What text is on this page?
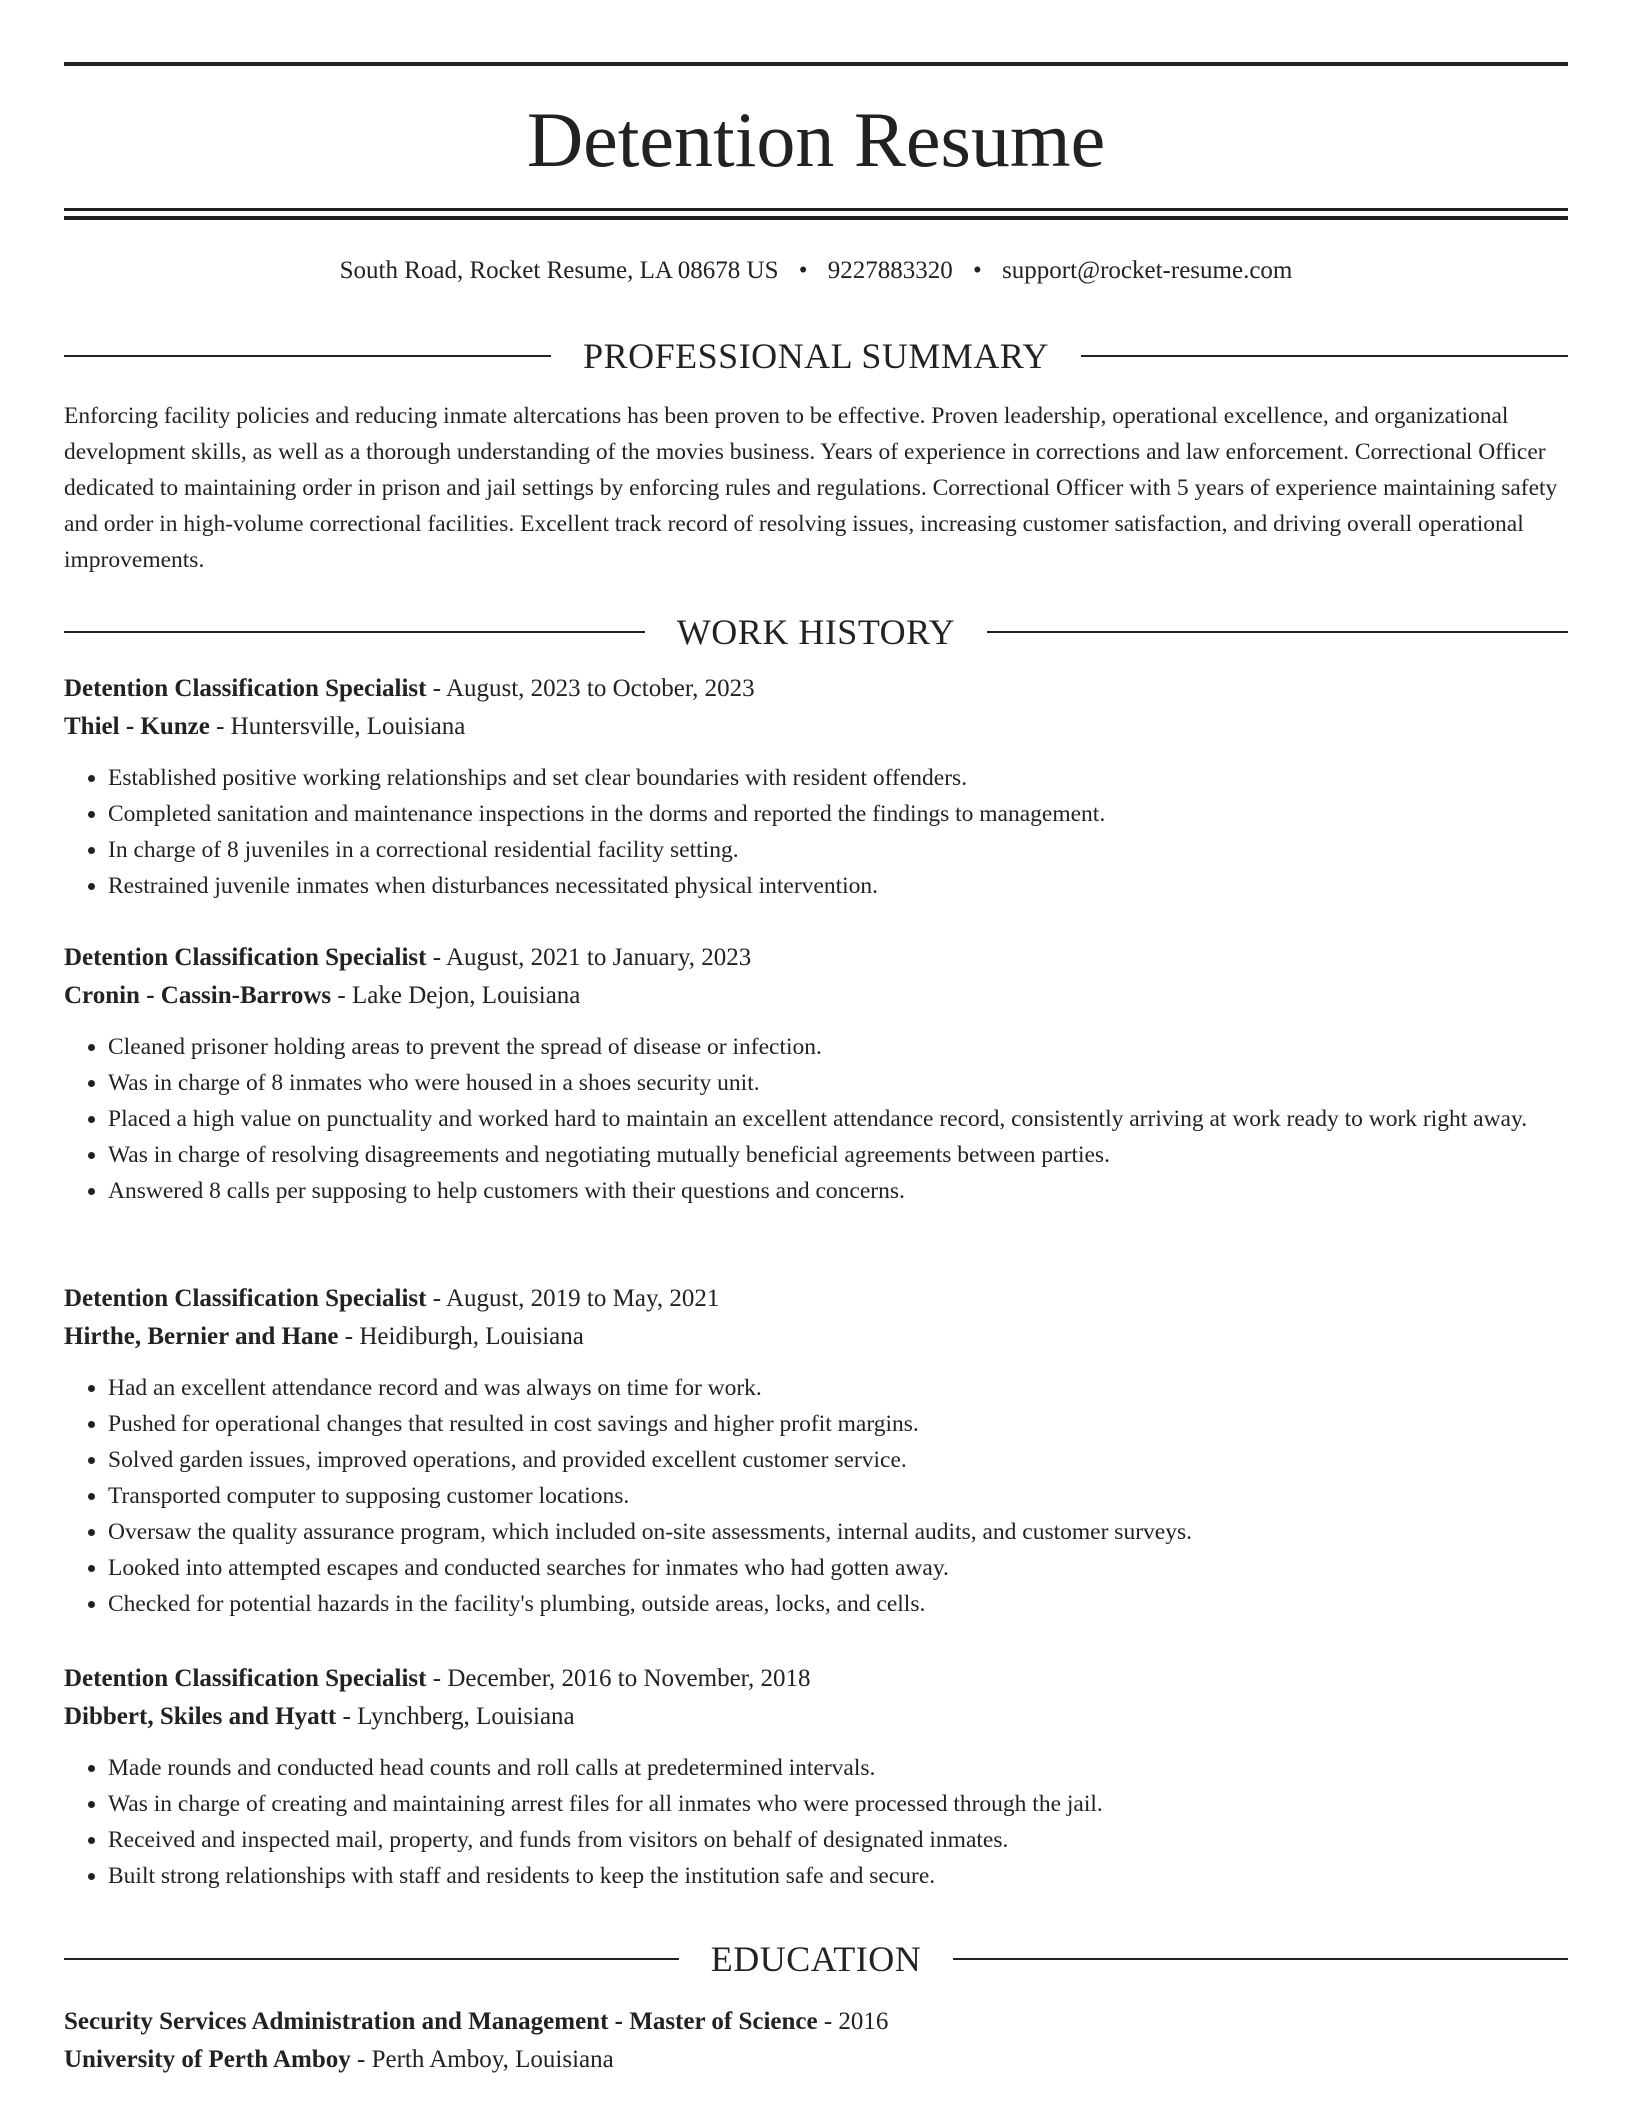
Detention Resume
South Road, Rocket Resume, LA 08678 US • 9227883320 • support@rocket-resume.com
PROFESSIONAL SUMMARY
Enforcing facility policies and reducing inmate altercations has been proven to be effective. Proven leadership, operational excellence, and organizational development skills, as well as a thorough understanding of the movies business. Years of experience in corrections and law enforcement. Correctional Officer dedicated to maintaining order in prison and jail settings by enforcing rules and regulations. Correctional Officer with 5 years of experience maintaining safety and order in high-volume correctional facilities. Excellent track record of resolving issues, increasing customer satisfaction, and driving overall operational improvements.
WORK HISTORY
Detention Classification Specialist - August, 2023 to October, 2023
Thiel - Kunze - Huntersville, Louisiana
• Established positive working relationships and set clear boundaries with resident offenders.
• Completed sanitation and maintenance inspections in the dorms and reported the findings to management.
• In charge of 8 juveniles in a correctional residential facility setting.
• Restrained juvenile inmates when disturbances necessitated physical intervention.
Detention Classification Specialist - August, 2021 to January, 2023
Cronin - Cassin-Barrows - Lake Dejon, Louisiana
• Cleaned prisoner holding areas to prevent the spread of disease or infection.
• Was in charge of 8 inmates who were housed in a shoes security unit.
• Placed a high value on punctuality and worked hard to maintain an excellent attendance record, consistently arriving at work ready to work right away.
• Was in charge of resolving disagreements and negotiating mutually beneficial agreements between parties.
• Answered 8 calls per supposing to help customers with their questions and concerns.
Detention Classification Specialist - August, 2019 to May, 2021
Hirthe, Bernier and Hane - Heidiburgh, Louisiana
• Had an excellent attendance record and was always on time for work.
• Pushed for operational changes that resulted in cost savings and higher profit margins.
• Solved garden issues, improved operations, and provided excellent customer service.
• Transported computer to supposing customer locations.
• Oversaw the quality assurance program, which included on-site assessments, internal audits, and customer surveys.
• Looked into attempted escapes and conducted searches for inmates who had gotten away.
• Checked for potential hazards in the facility's plumbing, outside areas, locks, and cells.
Detention Classification Specialist - December, 2016 to November, 2018
Dibbert, Skiles and Hyatt - Lynchberg, Louisiana
• Made rounds and conducted head counts and roll calls at predetermined intervals.
• Was in charge of creating and maintaining arrest files for all inmates who were processed through the jail.
• Received and inspected mail, property, and funds from visitors on behalf of designated inmates.
• Built strong relationships with staff and residents to keep the institution safe and secure.
EDUCATION
Security Services Administration and Management - Master of Science - 2016
University of Perth Amboy - Perth Amboy, Louisiana
